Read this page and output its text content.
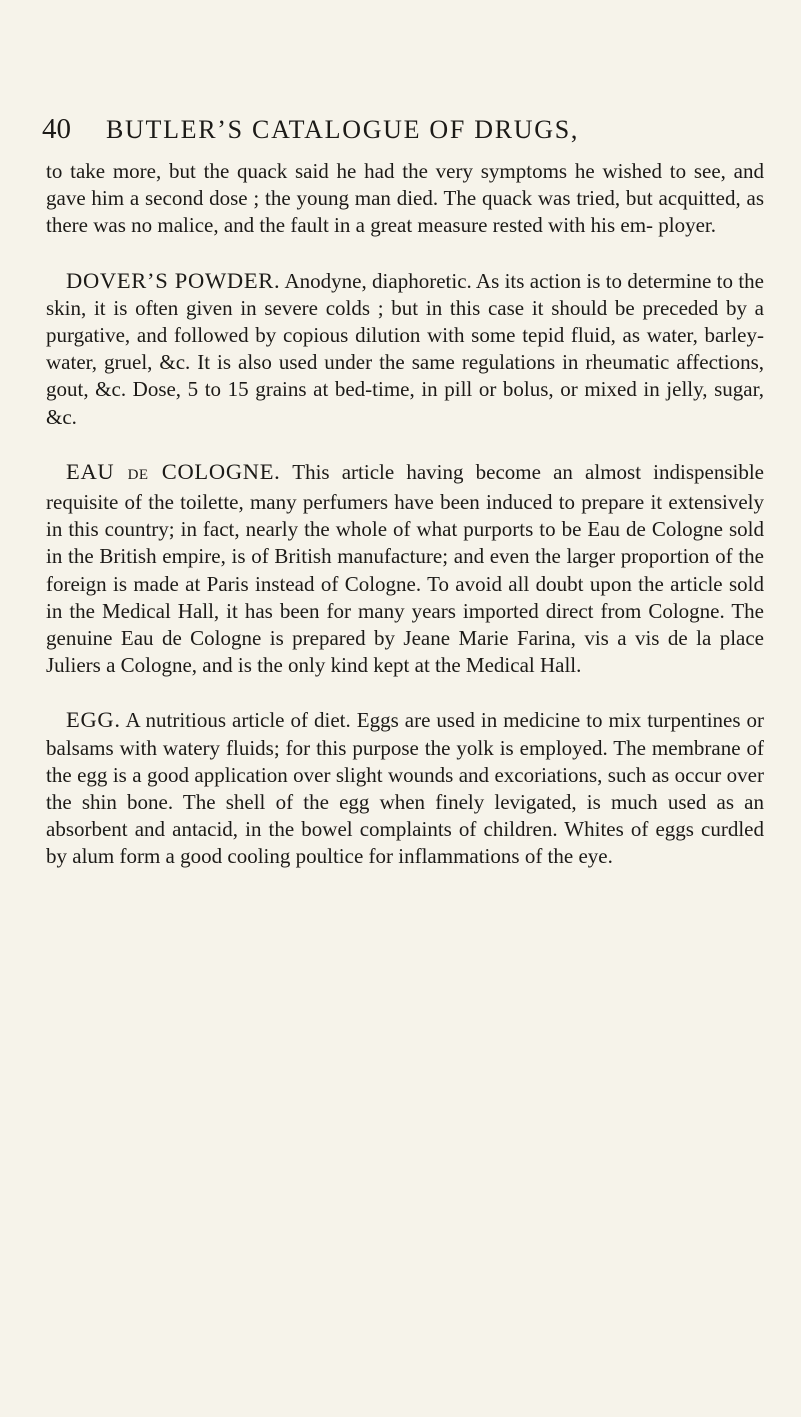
40 BUTLER’S CATALOGUE OF DRUGS,

to take more, but the quack said he had the very symptoms he wished to see, and gave him a second dose ; the young man died. The quack was tried, but acquitted, as there was no malice, and the fault in a great measure rested with his em- ployer.

DOVER’S POWDER. Anodyne, diaphoretic. As its action is to determine to the skin, it is often given in severe colds ; but in this case it should be preceded by a purgative, and followed by copious dilution with some tepid fluid, as water, barley-water, gruel, &c. It is also used under the same regulations in rheumatic affections, gout, &c. Dose, 5 to 15 grains at bed-time, in pill or bolus, or mixed in jelly, sugar, &c.

EAU DE COLOGNE. This article having become an almost indispensible requisite of the toilette, many perfumers have been induced to prepare it extensively in this country; in fact, nearly the whole of what purports to be Eau de Cologne sold in the British empire, is of British manufacture; and even the larger proportion of the foreign is made at Paris instead of Cologne. To avoid all doubt upon the article sold in the Medical Hall, it has been for many years imported direct from Cologne. The genuine Eau de Cologne is prepared by Jeane Marie Farina, vis a vis de la place Juliers a Cologne, and is the only kind kept at the Medical Hall.

EGG. A nutritious article of diet. Eggs are used in medicine to mix turpentines or balsams with watery fluids; for this purpose the yolk is employed. The membrane of the egg is a good application over slight wounds and excoriations, such as occur over the shin bone. The shell of the egg when finely levigated, is much used as an absorbent and antacid, in the bowel complaints of children. Whites of eggs curdled by alum form a good cooling poultice for inflammations of the eye.
